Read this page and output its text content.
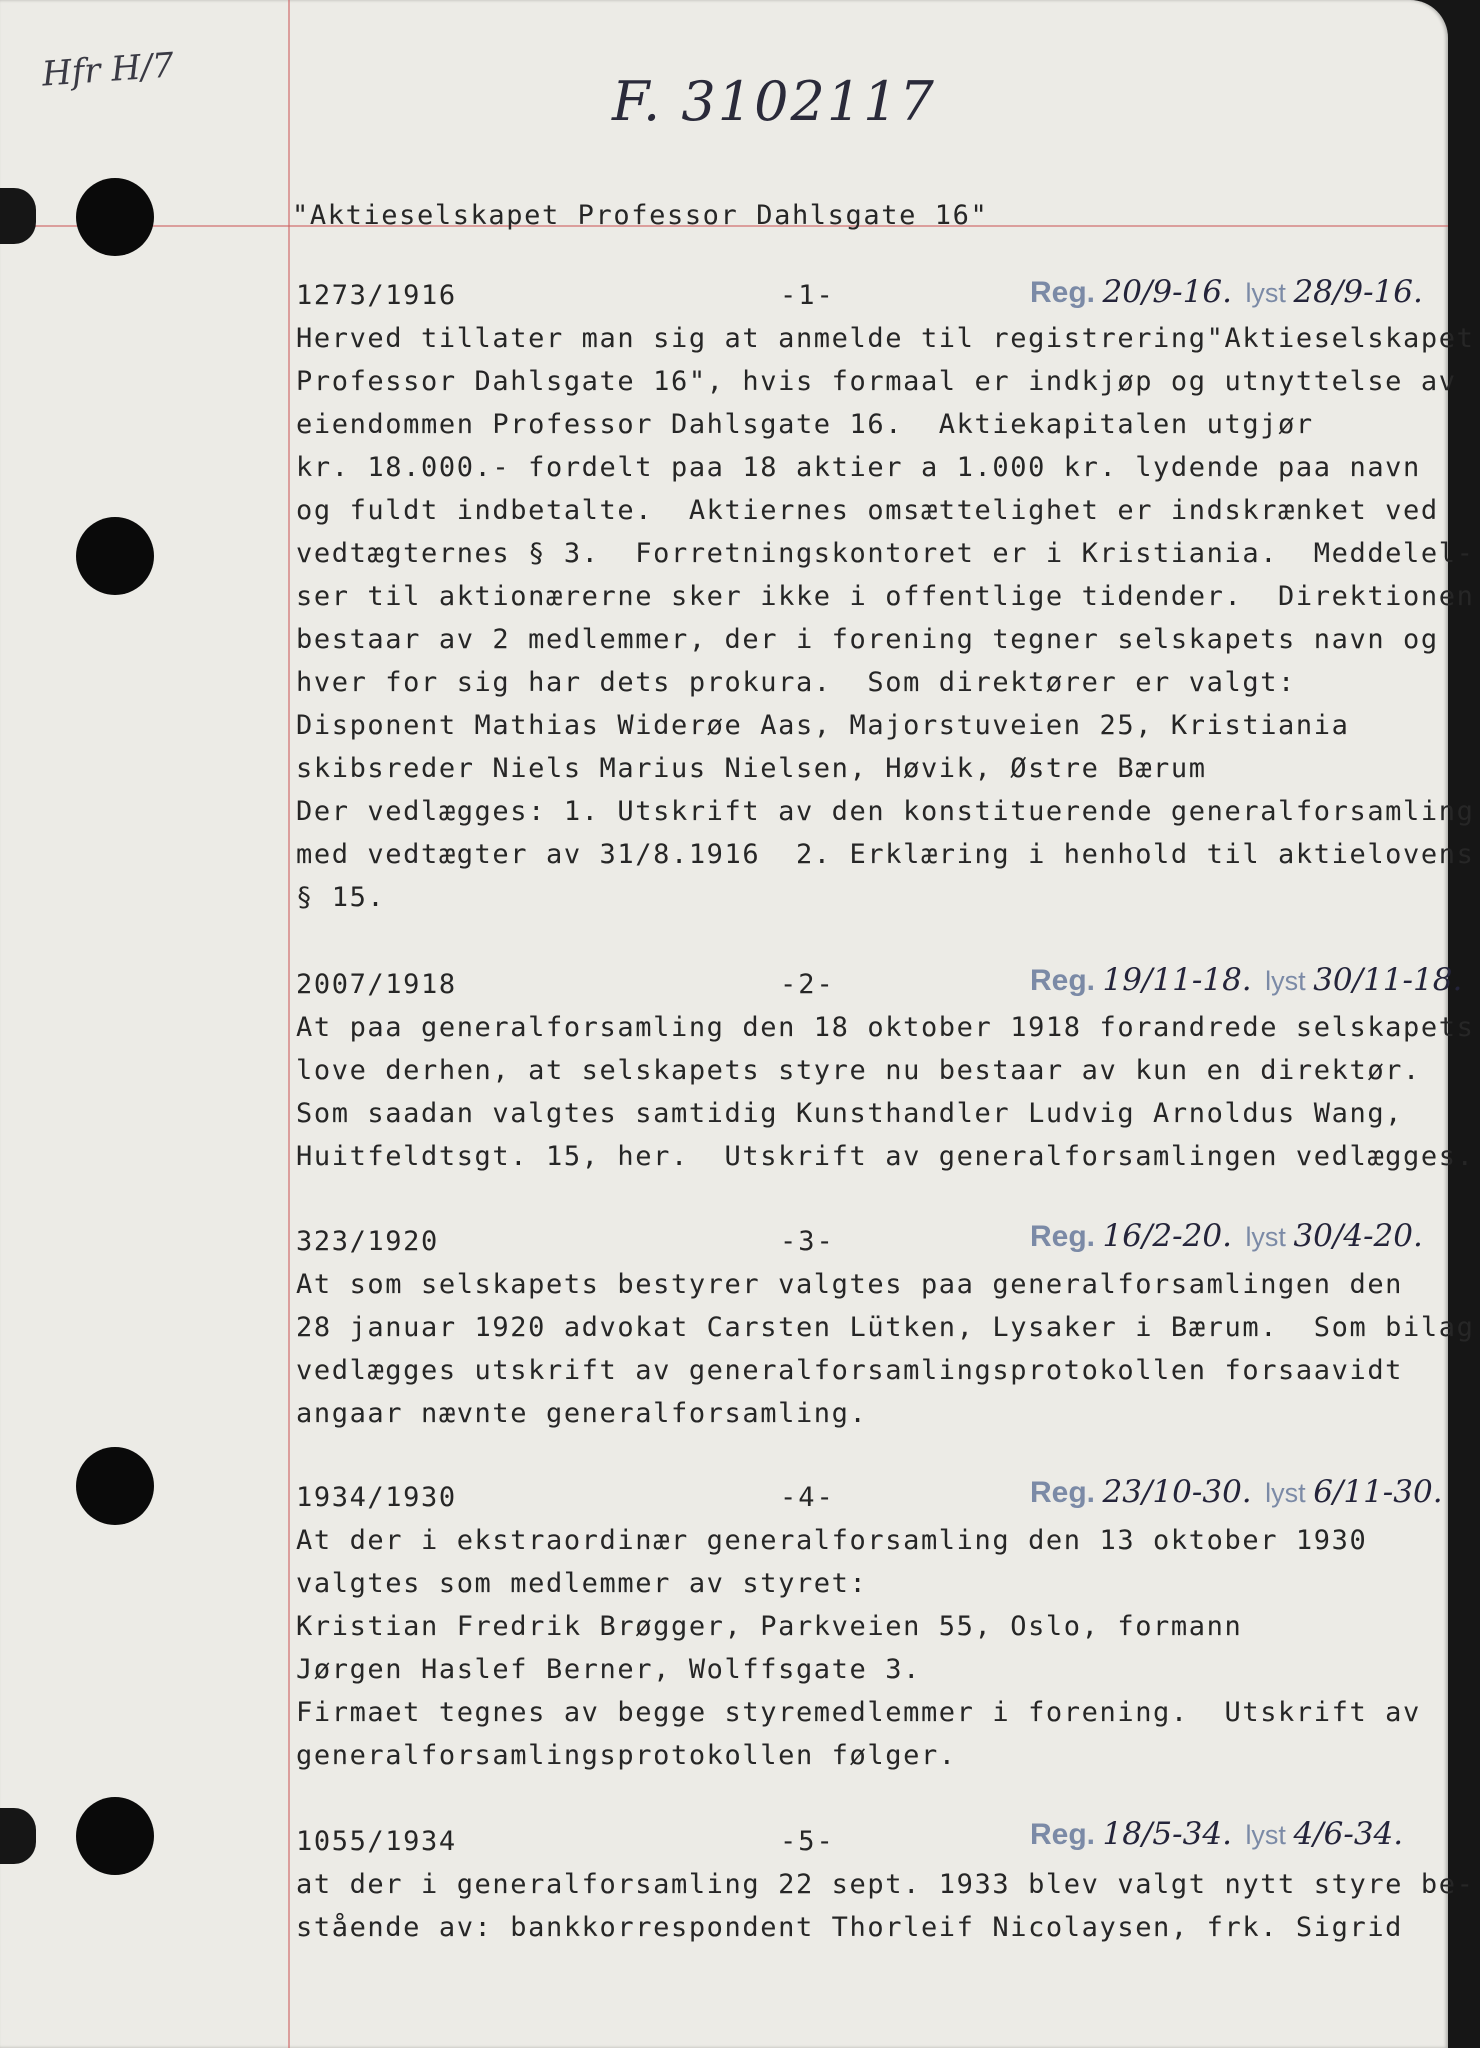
Hfr H/7	F. 3102117

"Aktieselskapet Professor Dahlsgate 16"

1273/1916	-1-	Reg. 20/9-16. lyst 28/9-16.

Herved tillater man sig at anmelde til registrering"Aktieselskapet

Professor Dahlsgate 16", hvis formaal er indkjøp og utnyttelse av

eiendommen Professor Dahlsgate 16.  Aktiekapitalen utgjør

kr. 18.000.- fordelt paa 18 aktier a 1.000 kr. lydende paa navn

og fuldt indbetalte.  Aktiernes omsættelighet er indskrænket ved

vedtægternes § 3.  Forretningskontoret er i Kristiania.  Meddelel-

ser til aktionærerne sker ikke i offentlige tidender.  Direktionen

bestaar av 2 medlemmer, der i forening tegner selskapets navn og

hver for sig har dets prokura.  Som direktører er valgt:

Disponent Mathias Widerøe Aas, Majorstuveien 25, Kristiania

skibsreder Niels Marius Nielsen, Høvik, Østre Bærum

Der vedlægges: 1. Utskrift av den konstituerende generalforsamling

med vedtægter av 31/8.1916  2. Erklæring i henhold til aktielovens

§ 15.

2007/1918	-2-	Reg. 19/11-18. lyst 30/11-18.

At paa generalforsamling den 18 oktober 1918 forandrede selskapets

love derhen, at selskapets styre nu bestaar av kun en direktør.

Som saadan valgtes samtidig Kunsthandler Ludvig Arnoldus Wang,

Huitfeldtsgt. 15, her.  Utskrift av generalforsamlingen vedlægges.

323/1920	-3-	Reg. 16/2-20. lyst 30/4-20.

At som selskapets bestyrer valgtes paa generalforsamlingen den

28 januar 1920 advokat Carsten Lütken, Lysaker i Bærum.  Som bilag

vedlægges utskrift av generalforsamlingsprotokollen forsaavidt

angaar nævnte generalforsamling.

1934/1930	-4-	Reg. 23/10-30. lyst 6/11-30.

At der i ekstraordinær generalforsamling den 13 oktober 1930

valgtes som medlemmer av styret:

Kristian Fredrik Brøgger, Parkveien 55, Oslo, formann

Jørgen Haslef Berner, Wolffsgate 3.

Firmaet tegnes av begge styremedlemmer i forening.  Utskrift av

generalforsamlingsprotokollen følger.

1055/1934	-5-	Reg. 18/5-34. lyst 4/6-34.

at der i generalforsamling 22 sept. 1933 blev valgt nytt styre be-

stående av: bankkorrespondent Thorleif Nicolaysen, frk. Sigrid
